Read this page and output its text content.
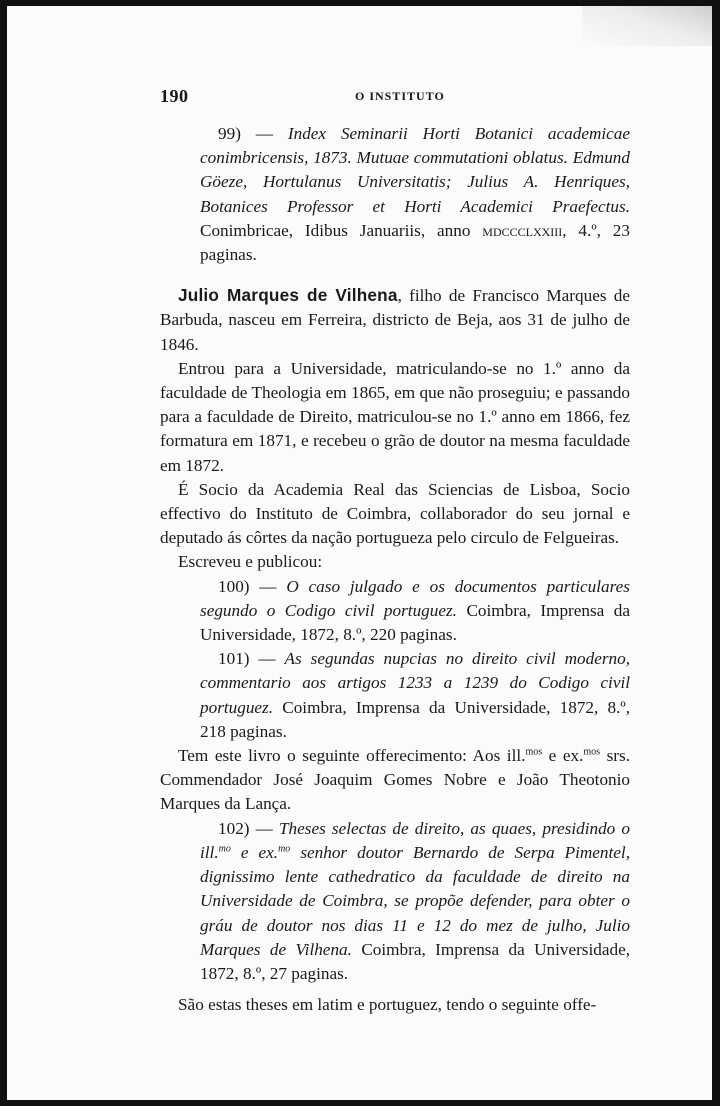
190	O INSTITUTO

99) — Index Seminarii Horti Botanici academicae conimbricensis, 1873. Mutuae commutationi oblatus. Edmund Göeze, Hortulanus Universitatis; Julius A. Henriques, Botanices Professor et Horti Academici Praefectus. Conimbricae, Idibus Januariis, anno mdccclxxiii, 4.º, 23 paginas.

Julio Marques de Vilhena, filho de Francisco Marques de Barbuda, nasceu em Ferreira, districto de Beja, aos 31 de julho de 1846.

Entrou para a Universidade, matriculando-se no 1.º anno da faculdade de Theologia em 1865, em que não proseguiu; e passando para a faculdade de Direito, matriculou-se no 1.º anno em 1866, fez formatura em 1871, e recebeu o grão de doutor na mesma faculdade em 1872.

É Socio da Academia Real das Sciencias de Lisboa, Socio effectivo do Instituto de Coimbra, collaborador do seu jornal e deputado ás côrtes da nação portugueza pelo circulo de Felgueiras.

Escreveu e publicou:

100) — O caso julgado e os documentos particulares segundo o Codigo civil portuguez. Coimbra, Imprensa da Universidade, 1872, 8.º, 220 paginas.

101) — As segundas nupcias no direito civil moderno, commentario aos artigos 1233 a 1239 do Codigo civil portuguez. Coimbra, Imprensa da Universidade, 1872, 8.º, 218 paginas.

Tem este livro o seguinte offerecimento: Aos ill.$^{mos}$ e ex.$^{mos}$ srs. Commendador José Joaquim Gomes Nobre e João Theotonio Marques da Lança.

102) — Theses selectas de direito, as quaes, presidindo o ill.$^{mo}$ e ex.$^{mo}$ senhor doutor Bernardo de Serpa Pimentel, dignissimo lente cathedratico da faculdade de direito na Universidade de Coimbra, se propõe defender, para obter o gráu de doutor nos dias 11 e 12 do mez de julho, Julio Marques de Vilhena. Coimbra, Imprensa da Universidade, 1872, 8.º, 27 paginas.

São estas theses em latim e portuguez, tendo o seguinte offe-
